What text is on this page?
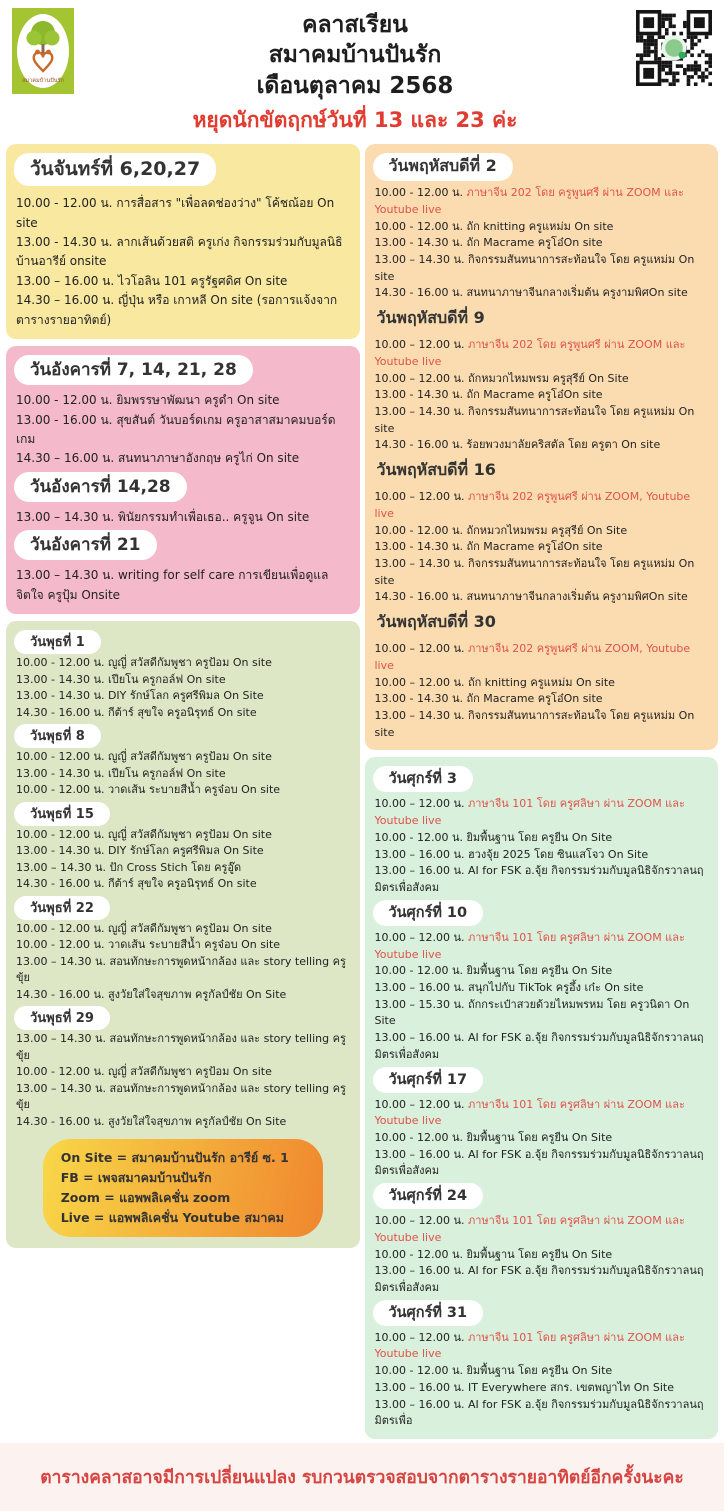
สมาคมบ้านปันรัก
คลาสเรียน
สมาคมบ้านปันรัก
เดือนตุลาคม 2568
หยุดนักขัตฤกษ์วันที่ 13 และ 23 ค่ะ
วันจันทร์ที่ 6,20,27
10.00 - 12.00 น. การสื่อสาร "เพื่อลดช่องว่าง" โค้ชณ้อย On site
13.00 - 14.30 น. ลากเส้นด้วยสติ ครูเก่ง กิจกรรมร่วมกับมูลนิธิบ้านอารีย์ onsite
13.00 – 16.00 น. ไวโอลิน 101 ครูรัฐศดิศ On site
14.30 – 16.00 น. ญี่ปุ่น หรือ เกาหลี On site (รอการแจ้งจากตารางรายอาทิตย์)
วันอังคารที่ 7, 14, 21, 28
10.00 - 12.00 น. ยิมพรรษาพัฒนา ครูดำ On site
13.00 - 16.00 น. สุขสันต์ วันบอร์ดเกม ครูอาสาสมาคมบอร์ดเกม
14.30 – 16.00 น. สนทนาภาษาอังกฤษ ครูไก่ On site
วันอังคารที่ 14,28
13.00 – 14.30 น. พินัยกรรมทำเพื่อเธอ.. ครูจูน On site
วันอังคารที่ 21
13.00 – 14.30 น. writing for self care การเขียนเพื่อดูแลจิตใจ ครูปุ้ม Onsite
วันพุธที่ 1
10.00 - 12.00 น. ญูญี่ สวัสดีกัมพูชา ครูป้อม On site
13.00 - 14.30 น. เปียโน ครูกอล์ฟ On site
13.00 - 14.30 น. DIY รักษ์โลก ครูศรีพิมล On Site
14.30 - 16.00 น. กีต้าร์ สุขใจ ครูอนิรุทธ์ On site
วันพุธที่ 8
10.00 - 12.00 น. ญูญี่ สวัสดีกัมพูชา ครูป้อม On site
13.00 - 14.30 น. เปียโน ครูกอล์ฟ On site
10.00 - 12.00 น. วาดเส้น ระบายสีน้ำ ครูจ๋อบ On site
วันพุธที่ 15
10.00 - 12.00 น. ญูญี่ สวัสดีกัมพูชา ครูป้อม On site
13.00 - 14.30 น. DIY รักษ์โลก ครูศรีพิมล On Site
13.00 – 14.30 น. ปัก Cross Stich โดย ครูอู๊ด
14.30 - 16.00 น. กีต้าร์ สุขใจ ครูอนิรุทธ์ On site
วันพุธที่ 22
10.00 - 12.00 น. ญูญี่ สวัสดีกัมพูชา ครูป้อม On site
10.00 - 12.00 น. วาดเส้น ระบายสีน้ำ ครูจ๋อบ On site
13.00 – 14.30 น. สอนทักษะการพูดหน้ากล้อง และ story telling ครูขุ้ย
14.30 - 16.00 น. สูงวัยใส่ใจสุขภาพ ครูกัลป์ชัย On Site
วันพุธที่ 29
13.00 – 14.30 น. สอนทักษะการพูดหน้ากล้อง และ story telling ครูขุ้ย
10.00 - 12.00 น. ญูญี่ สวัสดีกัมพูชา ครูป้อม On site
13.00 – 14.30 น. สอนทักษะการพูดหน้ากล้อง และ story telling ครูขุ้ย
14.30 - 16.00 น. สูงวัยใส่ใจสุขภาพ ครูกัลป์ชัย On Site
On Site = สมาคมบ้านปันรัก อารีย์ ซ. 1
FB = เพจสมาคมบ้านปันรัก
Zoom = แอพพลิเคชั่น zoom
Live = แอพพลิเคชั่น Youtube สมาคม
วันพฤหัสบดีที่ 2
10.00 - 12.00 น. ภาษาจีน 202 โดย ครูพูนศรี ผ่าน ZOOM และ Youtube live
10.00 - 12.00 น. ถัก knitting ครูแหม่ม On site
13.00 - 14.30 น. ถัก Macrame ครูโอ๋On site
13.00 – 14.30 น. กิจกรรมสันทนาการสะท้อนใจ โดย ครูแหม่ม On site
14.30 - 16.00 น. สนทนาภาษาจีนกลางเริ่มต้น ครูงามพิศOn site
วันพฤหัสบดีที่ 9
10.00 – 12.00 น. ภาษาจีน 202 โดย ครูพูนศรี ผ่าน ZOOM และ Youtube live
10.00 – 12.00 น. ถักหมวกไหมพรม ครูสุรีย์ On Site
13.00 - 14.30 น. ถัก Macrame ครูโอ๋On site
13.00 – 14.30 น. กิจกรรมสันทนาการสะท้อนใจ โดย ครูแหม่ม On site
14.30 - 16.00 น. ร้อยพวงมาลัยคริสตัล โดย ครูตา On site
วันพฤหัสบดีที่ 16
10.00 – 12.00 น. ภาษาจีน 202 ครูพูนศรี ผ่าน ZOOM, Youtube live
10.00 - 12.00 น. ถักหมวกไหมพรม ครูสุรีย์ On Site
13.00 - 14.30 น. ถัก Macrame ครูโอ๋On site
13.00 – 14.30 น. กิจกรรมสันทนาการสะท้อนใจ โดย ครูแหม่ม On site
14.30 - 16.00 น. สนทนาภาษาจีนกลางเริ่มต้น ครูงามพิศOn site
วันพฤหัสบดีที่ 30
10.00 – 12.00 น. ภาษาจีน 202 ครูพูนศรี ผ่าน ZOOM, Youtube live
10.00 – 12.00 น. ถัก knitting ครูแหม่ม On site
13.00 - 14.30 น. ถัก Macrame ครูโอ๋On site
13.00 – 14.30 น. กิจกรรมสันทนาการสะท้อนใจ โดย ครูแหม่ม On site
วันศุกร์ที่ 3
10.00 – 12.00 น. ภาษาจีน 101 โดย ครูศลิษา ผ่าน ZOOM และ Youtube live
10.00 - 12.00 น. ยิมพื้นฐาน โดย ครูยีน On Site
13.00 – 16.00 น. ฮวงจุ้ย 2025 โดย ซินแสโจว On Site
13.00 – 16.00 น. AI for FSK อ.จุ้ย กิจกรรมร่วมกับมูลนิธิจักรวาลนฤมิตรเพื่อสังคม
วันศุกร์ที่ 10
10.00 – 12.00 น. ภาษาจีน 101 โดย ครูศลิษา ผ่าน ZOOM และ Youtube live
10.00 - 12.00 น. ยิมพื้นฐาน โดย ครูยีน On Site
13.00 – 16.00 น. สนุกไปกับ TikTok ครูอึ้ง เก๋ะ On site
13.00 – 15.30 น. ถักกระเป๋าสวยด้วยไหมพรหม โดย ครูวนิดา On Site
13.00 – 16.00 น. AI for FSK อ.จุ้ย กิจกรรมร่วมกับมูลนิธิจักรวาลนฤมิตรเพื่อสังคม
วันศุกร์ที่ 17
10.00 – 12.00 น. ภาษาจีน 101 โดย ครูศลิษา ผ่าน ZOOM และ Youtube live
10.00 - 12.00 น. ยิมพื้นฐาน โดย ครูยีน On Site
13.00 – 16.00 น. AI for FSK อ.จุ้ย กิจกรรมร่วมกับมูลนิธิจักรวาลนฤมิตรเพื่อสังคม
วันศุกร์ที่ 24
10.00 – 12.00 น. ภาษาจีน 101 โดย ครูศลิษา ผ่าน ZOOM และ Youtube live
10.00 - 12.00 น. ยิมพื้นฐาน โดย ครูยีน On Site
13.00 – 16.00 น. AI for FSK อ.จุ้ย กิจกรรมร่วมกับมูลนิธิจักรวาลนฤมิตรเพื่อสังคม
วันศุกร์ที่ 31
10.00 – 12.00 น. ภาษาจีน 101 โดย ครูศลิษา ผ่าน ZOOM และ Youtube live
10.00 - 12.00 น. ยิมพื้นฐาน โดย ครูยีน On Site
13.00 – 16.00 น. IT Everywhere สกร. เขตพญาไท On Site
13.00 – 16.00 น. AI for FSK อ.จุ้ย กิจกรรมร่วมกับมูลนิธิจักรวาลนฤมิตรเพื่อ
ตารางคลาสอาจมีการเปลี่ยนแปลง รบกวนตรวจสอบจากตารางรายอาทิตย์อีกครั้งนะคะ
